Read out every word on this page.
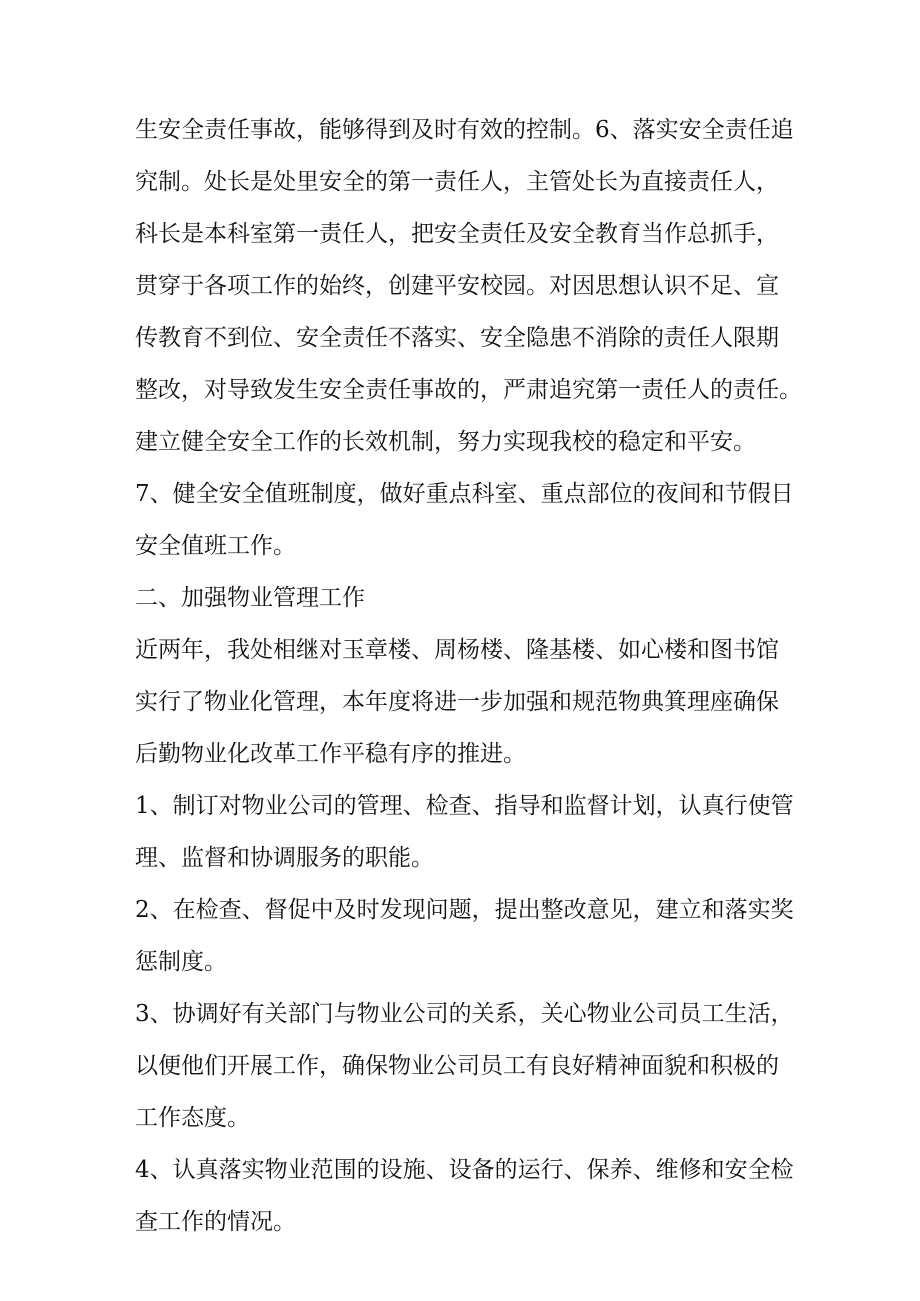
生安全责任事故，能够得到及时有效的控制。6、落实安全责任追
究制。处长是处里安全的第一责任人，主管处长为直接责任人，
科长是本科室第一责任人，把安全责任及安全教育当作总抓手，
贯穿于各项工作的始终，创建平安校园。对因思想认识不足、宣
传教育不到位、安全责任不落实、安全隐患不消除的责任人限期
整改，对导致发生安全责任事故的，严肃追究第一责任人的责任。
建立健全安全工作的长效机制，努力实现我校的稳定和平安。
7、健全安全值班制度，做好重点科室、重点部位的夜间和节假日
安全值班工作。
二、加强物业管理工作
近两年，我处相继对玉章楼、周杨楼、隆基楼、如心楼和图书馆
实行了物业化管理，本年度将进一步加强和规范物典箕理座确保
后勤物业化改革工作平稳有序的推进。
1、制订对物业公司的管理、检查、指导和监督计划，认真行使管
理、监督和协调服务的职能。
2、在检查、督促中及时发现问题，提出整改意见，建立和落实奖
惩制度。
3、协调好有关部门与物业公司的关系，关心物业公司员工生活，
以便他们开展工作，确保物业公司员工有良好精神面貌和积极的
工作态度。
4、认真落实物业范围的设施、设备的运行、保养、维修和安全检
查工作的情况。
